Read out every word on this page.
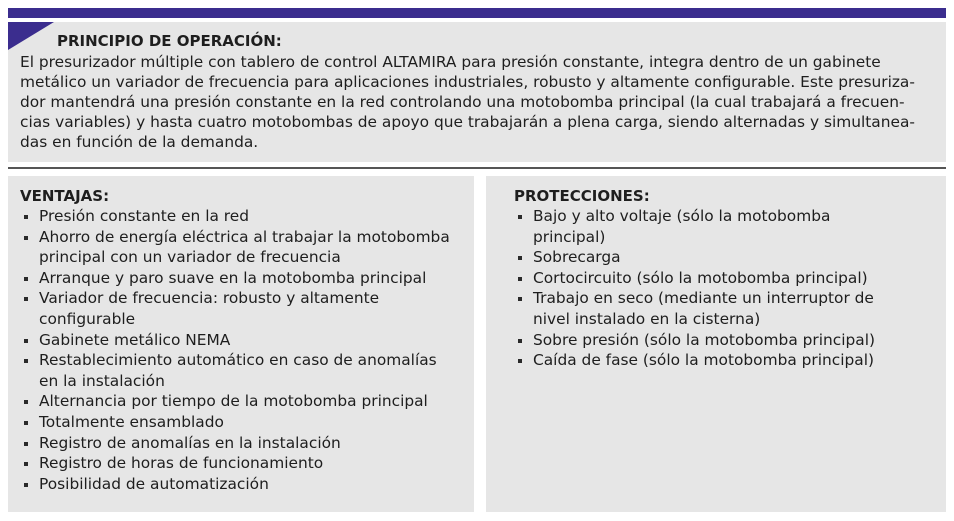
PRINCIPIO DE OPERACIÓN:

El presurizador múltiple con tablero de control ALTAMIRA para presión constante, integra dentro de un gabinete
metálico un variador de frecuencia para aplicaciones industriales, robusto y altamente configurable. Este presuriza-
dor mantendrá una presión constante en la red controlando una motobomba principal (la cual trabajará a frecuen-
cias variables) y hasta cuatro motobombas de apoyo que trabajarán a plena carga, siendo alternadas y simultanea-
das en función de la demanda.

VENTAJAS:
Presión constante en la red
Ahorro de energía eléctrica al trabajar la motobomba
principal con un variador de frecuencia
Arranque y paro suave en la motobomba principal
Variador de frecuencia: robusto y altamente
configurable
Gabinete metálico NEMA
Restablecimiento automático en caso de anomalías
en la instalación
Alternancia por tiempo de la motobomba principal
Totalmente ensamblado
Registro de anomalías en la instalación
Registro de horas de funcionamiento
Posibilidad de automatización
PROTECCIONES:
Bajo y alto voltaje (sólo la motobomba
principal)
Sobrecarga
Cortocircuito (sólo la motobomba principal)
Trabajo en seco (mediante un interruptor de
nivel instalado en la cisterna)
Sobre presión (sólo la motobomba principal)
Caída de fase (sólo la motobomba principal)
